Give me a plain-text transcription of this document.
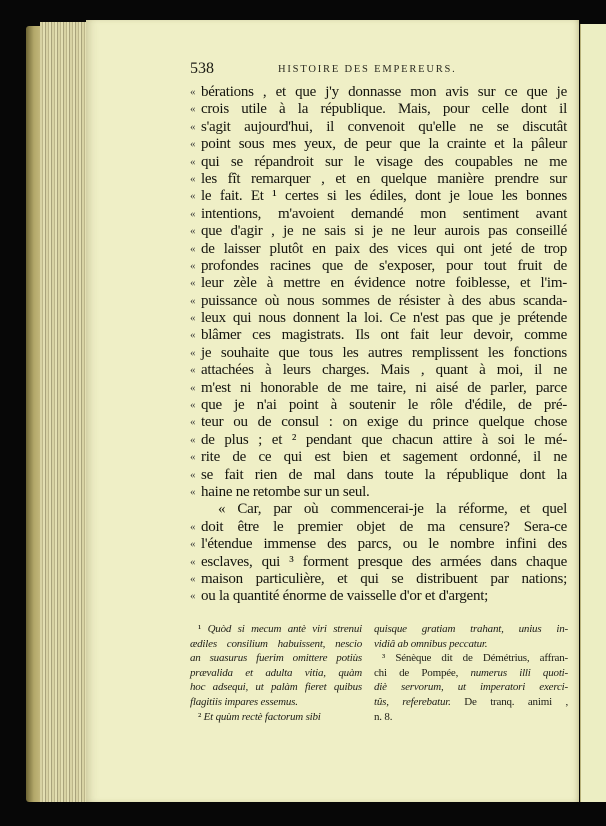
538	HISTOIRE DES EMPEREURS.
« bérations , et que j'y donnasse mon avis sur ce que je
« crois utile à la république. Mais, pour celle dont il
« s'agit aujourd'hui, il convenoit qu'elle ne se discutât
« point sous mes yeux, de peur que la crainte et la pâleur
« qui se répandroit sur le visage des coupables ne me
« les fît remarquer , et en quelque manière prendre sur
« le fait. Et ¹ certes si les édiles, dont je loue les bonnes
« intentions, m'avoient demandé mon sentiment avant
« que d'agir , je ne sais si je ne leur aurois pas conseillé
« de laisser plutôt en paix des vices qui ont jeté de trop
« profondes racines que de s'exposer, pour tout fruit de
« leur zèle à mettre en évidence notre foiblesse, et l'im-
« puissance où nous sommes de résister à des abus scanda-
« leux qui nous donnent la loi. Ce n'est pas que je prétende
« blâmer ces magistrats. Ils ont fait leur devoir, comme
« je souhaite que tous les autres remplissent les fonctions
« attachées à leurs charges. Mais , quant à moi, il ne
« m'est ni honorable de me taire, ni aisé de parler, parce
« que je n'ai point à soutenir le rôle d'édile, de pré-
« teur ou de consul : on exige du prince quelque chose
« de plus ; et ² pendant que chacun attire à soi le mé-
« rite de ce qui est bien et sagement ordonné, il ne
« se fait rien de mal dans toute la république dont la
« haine ne retombe sur un seul.
« Car, par où commencerai-je la réforme, et quel
« doit être le premier objet de ma censure? Sera-ce
« l'étendue immense des parcs, ou le nombre infini des
« esclaves, qui ³ forment presque des armées dans chaque
« maison particulière, et qui se distribuent par nations;
« ou la quantité énorme de vaisselle d'or et d'argent;
¹ Quòd si mecum antè viri strenui
ædiles consilium habuissent, nescio
an suasurus fuerim omittere potiùs
prævalida et adulta vitia, quàm
hoc adsequi, ut palàm fieret quibus
flagitiis impares essemus.
² Et quùm rectè factorum sibi
quisque gratiam trahant, unius in-
vidiâ ab omnibus peccatur.
³ Sénèque dit de Démétrius, affran-
chi de Pompée, numerus illi quoti-
diè servorum, ut imperatori exerci-
tûs, referebatur. De tranq. animi ,
n. 8.
